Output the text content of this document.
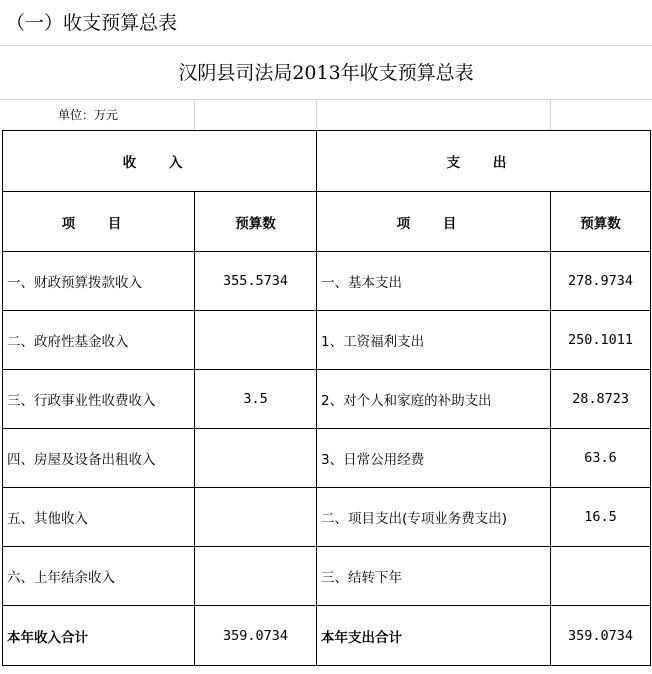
（一）收支预算总表
汉阴县司法局2013年收支预算总表
单位：万元
收 入		支 出	
项 目	预算数	项 目	预算数
一、财政预算拨款收入	355.5734	一、基本支出	278.9734
二、政府性基金收入		1、工资福利支出	250.1011
三、行政事业性收费收入	3.5	2、对个人和家庭的补助支出	28.8723
四、房屋及设备出租收入		3、日常公用经费	63.6
五、其他收入		二、项目支出(专项业务费支出)	16.5
六、上年结余收入		三、结转下年	
本年收入合计	359.0734	本年支出合计	359.0734
